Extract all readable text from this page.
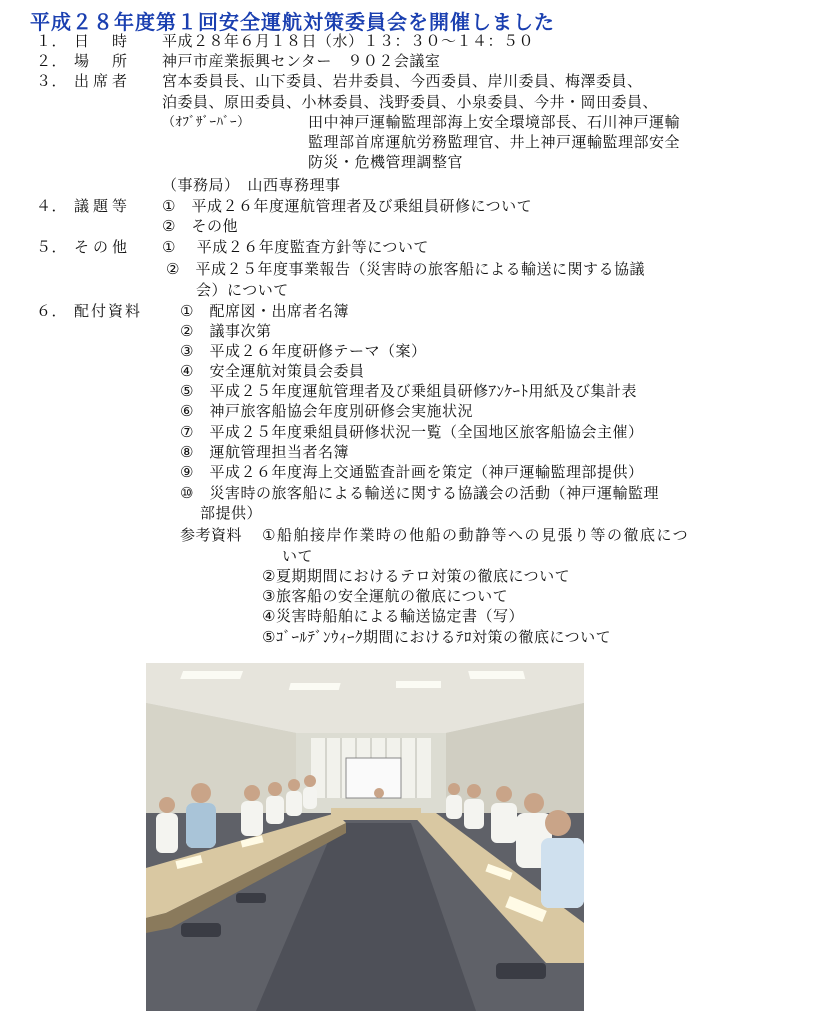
平成２８年度第１回安全運航対策委員会を開催しました
１． 日　時 平成２８年６月１８日（水）１３：３０～１４：５０
２． 場　所 神戸市産業振興センター　９０２会議室
３． 出席者 宮本委員長、山下委員、岩井委員、今西委員、岸川委員、梅澤委員、
泊委員、原田委員、小林委員、浅野委員、小泉委員、今井・岡田委員、
（ｵﾌﾞｻﾞｰﾊﾞｰ）	田中神戸運輸監理部海上安全環境部長、石川神戸運輸
監理部首席運航労務監理官、井上神戸運輸監理部安全
防災・危機管理調整官
（事務局）　山西専務理事
４． 議題等 ①　平成２６年度運航管理者及び乗組員研修について
②　その他
５． その他 ①　 平成２６年度監査方針等について
②　平成２５年度事業報告（災害時の旅客船による輸送に関する協議
会）について
６． 配付資料	①　配席図・出席者名簿
②　議事次第
③　平成２６年度研修テーマ（案）
④　安全運航対策員会委員
⑤　平成２５年度運航管理者及び乗組員研修ｱﾝｹｰﾄ用紙及び集計表
⑥　神戸旅客船協会年度別研修会実施状況
⑦　平成２５年度乗組員研修状況一覧（全国地区旅客船協会主催）
⑧　運航管理担当者名簿
⑨　平成２６年度海上交通監査計画を策定（神戸運輸監理部提供）
⑩　災害時の旅客船による輸送に関する協議会の活動（神戸運輸監理
部提供）
参考資料 ①船舶接岸作業時の他船の動静等への見張り等の徹底につ
いて
②夏期期間におけるテロ対策の徹底について
③旅客船の安全運航の徹底について
④災害時船舶による輸送協定書（写）
⑤ｺﾞｰﾙﾃﾞﾝｳｨｰｸ期間におけるﾃﾛ対策の徹底について
